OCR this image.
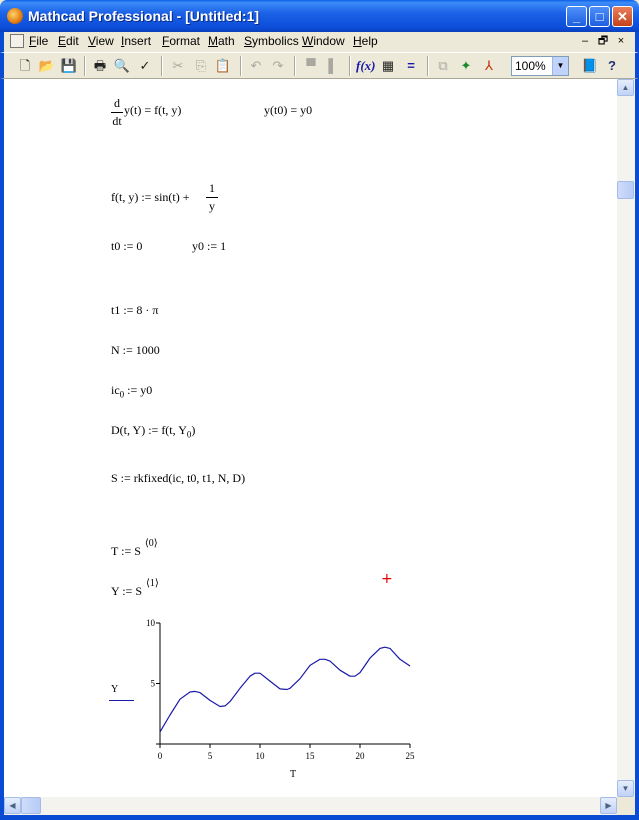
Mathcad Professional - [Untitled:1]	_	□	✕
File Edit View Insert Format Math Symbolics Window Help	– 🗗 ×
🗋 📂 💾 🖶 🔍 ✓ ✂ ⎘ 📋 ↶ ↷	▀ ▌	f(x) ▦	=	⧉ ✦	⅄	100%	▼ 📘 ?
$\frac{d}{dt} y(t) = f(t$, y)	y(t0) = y0
f(t, y) := $\sin(t) + \frac{1}{y}$
t0 := 0	y0 := 1
t1 := 8 · π
N := 1000
$ic_0$ := y0
D(t, Y) := f(t, $Y_0$)
S := rkfixed(ic, t0, t1, N, D)
T := $S^{⟨0⟩}$
Y := $S^{⟨1⟩}$
0	5	10	15	20	25
10
5
Y
T
+
▲
▼
◀	▶
